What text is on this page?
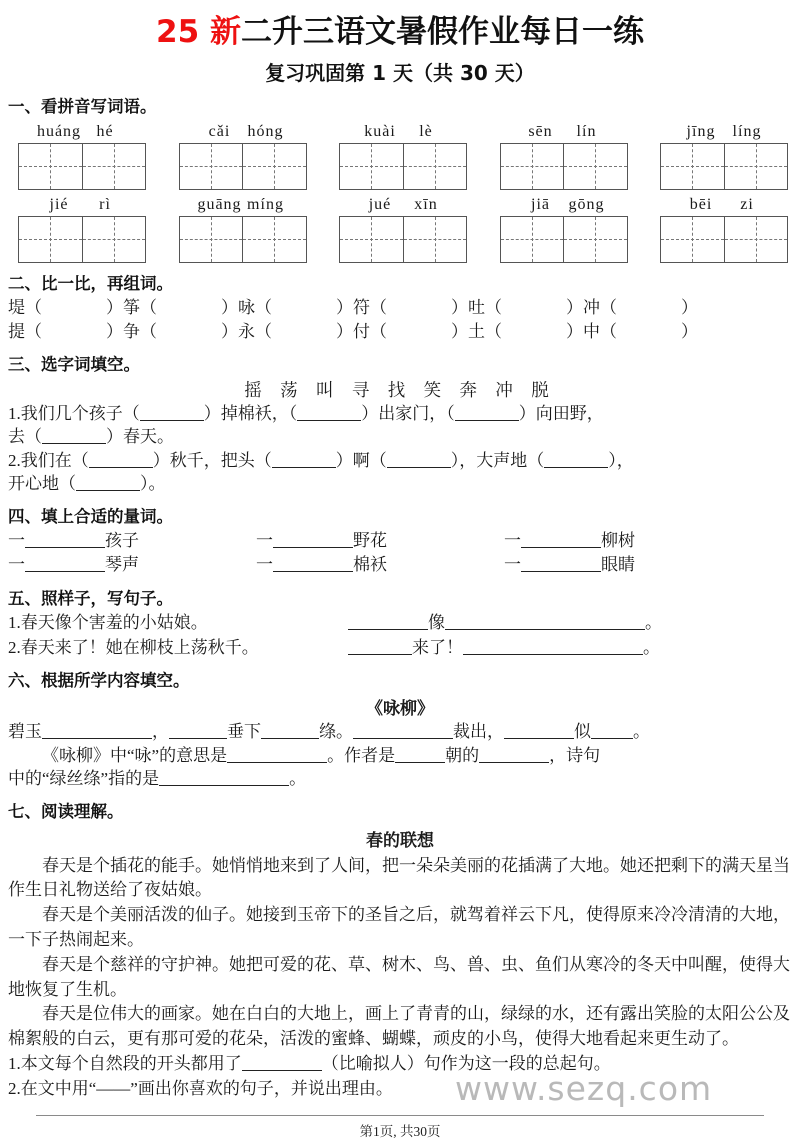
25 新二升三语文暑假作业每日一练
复习巩固第 1 天（共 30 天）
一、看拼音写词语。
huáng hé	cǎi hóng	kuài lè	sēn lín	jīng líng
jié rì	guāng míng	jué xīn	jiā gōng	bēi zi
二、比一比，再组词。
堤（	） 筝（	） 咏（	） 符（	） 吐（	） 冲（	）
提（	） 争（	） 永（	） 付（	） 土（	） 中（	）
三、选字词填空。
摇 荡 叫 寻 找 笑 奔 冲 脱
1.我们几个孩子（	）掉棉袄，（	）出家门，（	）向田野，
去（	）春天。
2.我们在（	）秋千，把头（	）啊（	），大声地（	），
开心地（	）。
四、填上合适的量词。
一	孩子	一	野花	一	柳树
一	琴声	一	棉袄	一	眼睛
五、照样子，写句子。
1.春天像个害羞的小姑娘。	像	。
2.春天来了！她在柳枝上荡秋千。	来了！	。
六、根据所学内容填空。
《咏柳》
碧玉	，	垂下	绦。	裁出，	似 。
《咏柳》中“咏”的意思是	。作者是	朝的	，诗句
中的“绿丝绦”指的是	。
七、阅读理解。
春的联想
春天是个插花的能手。她悄悄地来到了人间，把一朵朵美丽的花插满了大地。她还把剩下的满天星当作生日礼物送给了夜姑娘。
春天是个美丽活泼的仙子。她接到玉帝下的圣旨之后，就驾着祥云下凡，使得原来冷冷清清的大地，一下子热闹起来。
春天是个慈祥的守护神。她把可爱的花、草、树木、鸟、兽、虫、鱼们从寒冷的冬天中叫醒，使得大地恢复了生机。
春天是位伟大的画家。她在白白的大地上，画上了青青的山，绿绿的水，还有露出笑脸的太阳公公及棉絮般的白云，更有那可爱的花朵，活泼的蜜蜂、蝴蝶，顽皮的小鸟，使得大地看起来更生动了。
1.本文每个自然段的开头都用了	（比喻拟人）句作为这一段的总起句。
2.在文中用“——”画出你喜欢的句子，并说出理由。	www.sezq.com
第1页, 共30页
